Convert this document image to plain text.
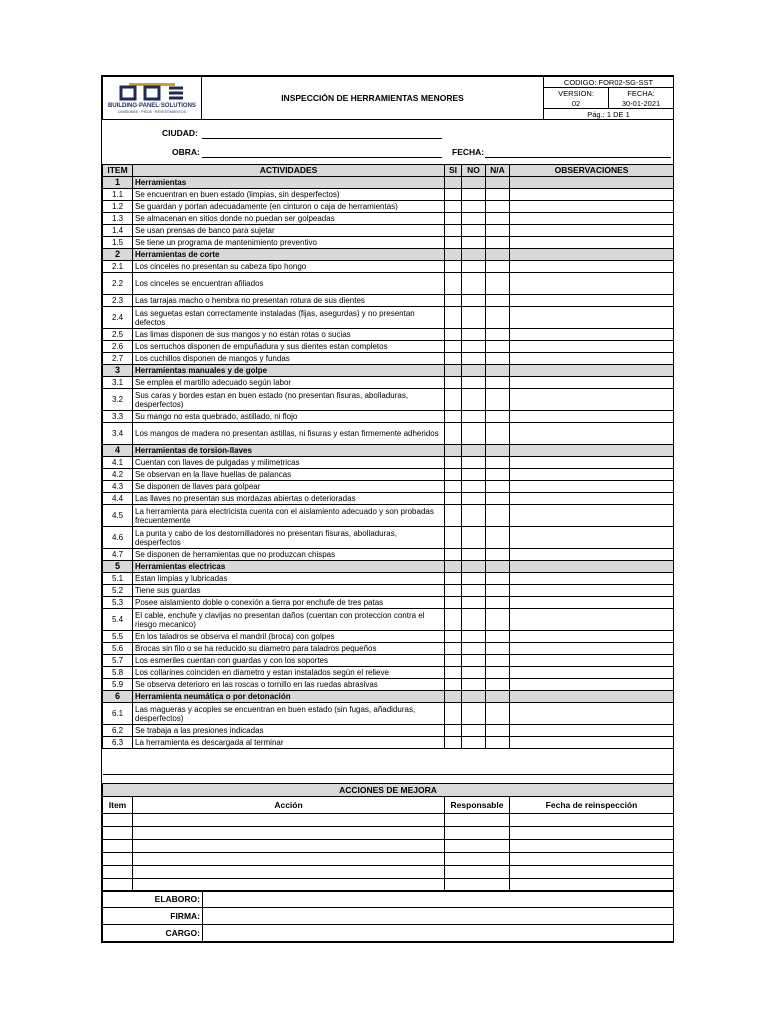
BUILDING·PANEL·SOLUTIONS
DIVISIONES · PISOS · REVESTIMIENTOS	INSPECCIÓN DE HERRAMIENTAS MENORES	CODIGO: FOR02-SG-SST	
		VERSION:	FECHA:
		02	30-01-2021
		Pág.: 1 DE 1	
CIUDAD:
OBRA:	FECHA:
ITEM	ACTIVIDADES	SI	NO	N/A	OBSERVACIONES
1	Herramientas				
1.1	Se encuentran en buen estado (limpias, sin desperfectos)				
1.2	Se guardan y portan adecuadamente (en cinturon o caja de herramientas)				
1.3	Se almacenan en sitios donde no puedan ser golpeadas				
1.4	Se usan prensas de banco para sujetar				
1.5	Se tiene un programa de mantenimiento preventivo				
2	Herramientas de corte				
2.1	Los cinceles no presentan su cabeza tipo hongo				
2.2	Los cinceles se encuentran afiliados				
2.3	Las tarrajas macho o hembra no presentan rotura de sus dientes				
2.4	Las seguetas estan correctamente instaladas (fijas, asegurdas) y no presentan defectos				
2.5	Las limas disponen de sus mangos y no estan rotas o sucias				
2.6	Los serruchos disponen de empuñadura y sus dientes estan completos				
2.7	Los cuchillos disponen de mangos y fundas				
3	Herramientas manuales y de golpe				
3.1	Se emplea el martillo adecuado según labor				
3.2	Sus caras y bordes estan en buen estado (no presentan fisuras, abolladuras, desperfectos)				
3.3	Su mango no esta quebrado, astillado, ni flojo				
3.4	Los mangos de madera no presentan astillas, ni fisuras y estan firmemente adheridos				
4	Herramientas de torsion-llaves				
4.1	Cuentan con llaves de pulgadas y milimetricas				
4.2	Se observan en la llave huellas de palancas				
4.3	Se disponen de llaves para golpear				
4.4	Las llaves no presentan sus mordazas abiertas o deterioradas				
4.5	La herramienta para electricista cuenta con el aislamiento adecuado y son probadas frecuentemente				
4.6	La punta y cabo de los destornilladores no presentan fisuras, abolladuras, desperfectos				
4.7	Se disponen de herramientas que no produzcan chispas				
5	Herramientas electricas				
5.1	Estan limpias y lubricadas				
5.2	Tiene sus guardas				
5.3	Posee aislamiento doble o conexión a tierra por enchufe de tres patas				
5.4	El cable, enchufe y clavijas no presentan daños (cuentan con proteccion contra el riesgo mecanico)				
5.5	En los taladros se observa el mandril (broca) con golpes				
5.6	Brocas sin filo o se ha reducido su diametro para taladros pequeños				
5.7	Los esmeriles cuentan con guardas y con los soportes				
5.8	Los collarines coinciden en diametro y estan instalados según el relieve				
5.9	Se observa deterioro en las roscas o tornillo en las ruedas abrasivas				
6	Herramienta neumática o por detonación				
6.1	Las magueras y acoples se encuentran en buen estado (sin fugas, añadiduras, desperfectos)				
6.2	Se trabaja a las presiones indicadas				
6.3	La herramienta es descargada al terminar				

ACCIONES DE MEJORA			
Item	Acción	Responsable	Fecha de reinspección

ELABORO:	
FIRMA:	
CARGO:	
